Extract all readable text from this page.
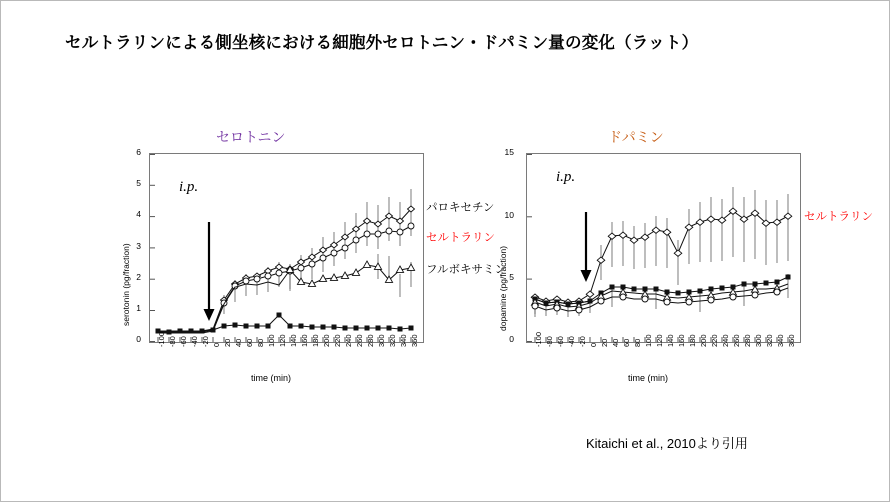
セルトラリンによる側坐核における細胞外セロトニン・ドパミン量の変化（ラット）
セロトニン
serotonin (pg/fraction)
6
5
4
3
2
1
0 -100 -80 -60 -40 -20 0 20 40 60 80 100 120 140 160 180 200 220 240 260 280 300 320 340 360
time (min)
i.p.
パロキセチン
セルトラリン
フルボキサミン
ドパミン
dopamine (pg/fraction)
15
10
5
0	-100 -80 -60 -40 -20 0 20 40 60 80 100 120 140 160 180 200 220 240 260 280 300 320 340 360
time (min)
i.p.
セルトラリン
Kitaichi et al., 2010より引用
